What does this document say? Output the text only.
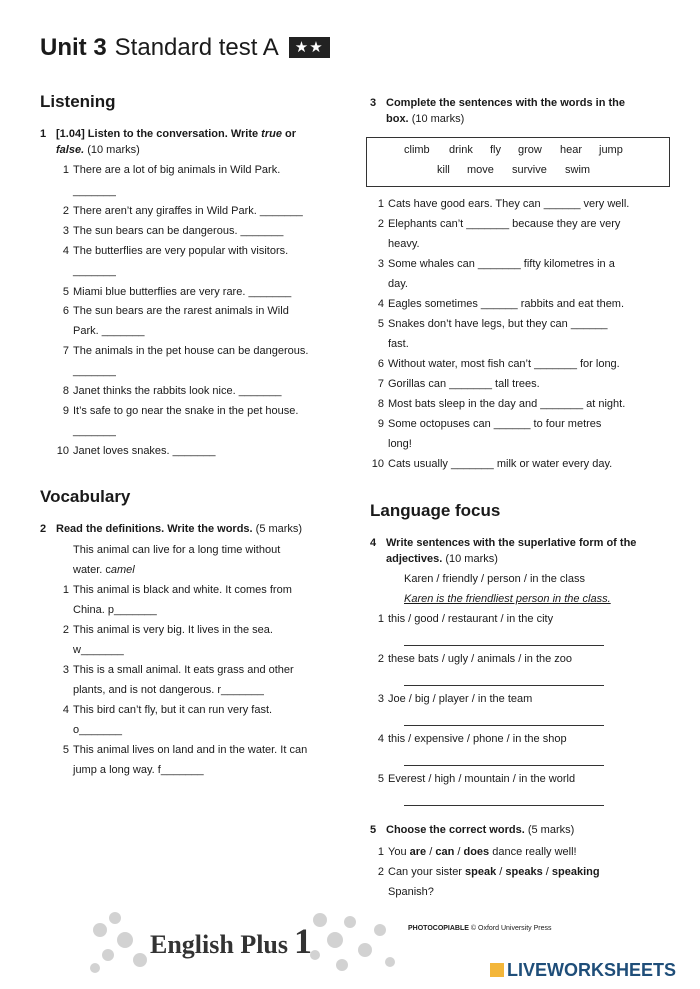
Unit 3 Standard test A ★★
Listening
1 [1.04] Listen to the conversation. Write true or
false. (10 marks)
Vocabulary
2 Read the definitions. Write the words. (5 marks)
This animal can live for a long time without
water. camel
3 Complete the sentences with the words in the
box. (10 marks)
climb drink fly grow hear jump
kill move survive swim
Language focus
4 Write sentences with the superlative form of the
adjectives. (10 marks)
Karen / friendly / person / in the class
Karen is the friendliest person in the class.
5 Choose the correct words. (5 marks)
1 You are / can / does dance really well!
2 Can your sister speak / speaks / speaking
Spanish?
English Plus 1	PHOTOCOPIABLE © Oxford University Press
LIVEWORKSHEETS
1 There are a lot of big animals in Wild Park.
_______
2 There aren’t any giraffes in Wild Park. _______
3 The sun bears can be dangerous. _______
4 The butterflies are very popular with visitors.
_______
5 Miami blue butterflies are very rare. _______
6 The sun bears are the rarest animals in Wild
Park. _______
7 The animals in the pet house can be dangerous.
_______
8 Janet thinks the rabbits look nice. _______
9 It’s safe to go near the snake in the pet house.
_______
10 Janet loves snakes. _______
1 This animal is black and white. It comes from
China. p_______
2 This animal is very big. It lives in the sea.
w_______
3 This is a small animal. It eats grass and other
plants, and is not dangerous. r_______
4 This bird can’t fly, but it can run very fast.
o_______
5 This animal lives on land and in the water. It can
jump a long way. f_______
1 Cats have good ears. They can ______ very well.
2 Elephants can’t _______ because they are very
heavy.
3 Some whales can _______ fifty kilometres in a
day.
4 Eagles sometimes ______ rabbits and eat them.
5 Snakes don’t have legs, but they can ______
fast.
6 Without water, most fish can’t _______ for long.
7 Gorillas can _______ tall trees.
8 Most bats sleep in the day and _______ at night.
9 Some octopuses can ______ to four metres
long!
10 Cats usually _______ milk or water every day.
1 this / good / restaurant / in the city
2 these bats / ugly / animals / in the zoo
3 Joe / big / player / in the team
4 this / expensive / phone / in the shop
5 Everest / high / mountain / in the world
